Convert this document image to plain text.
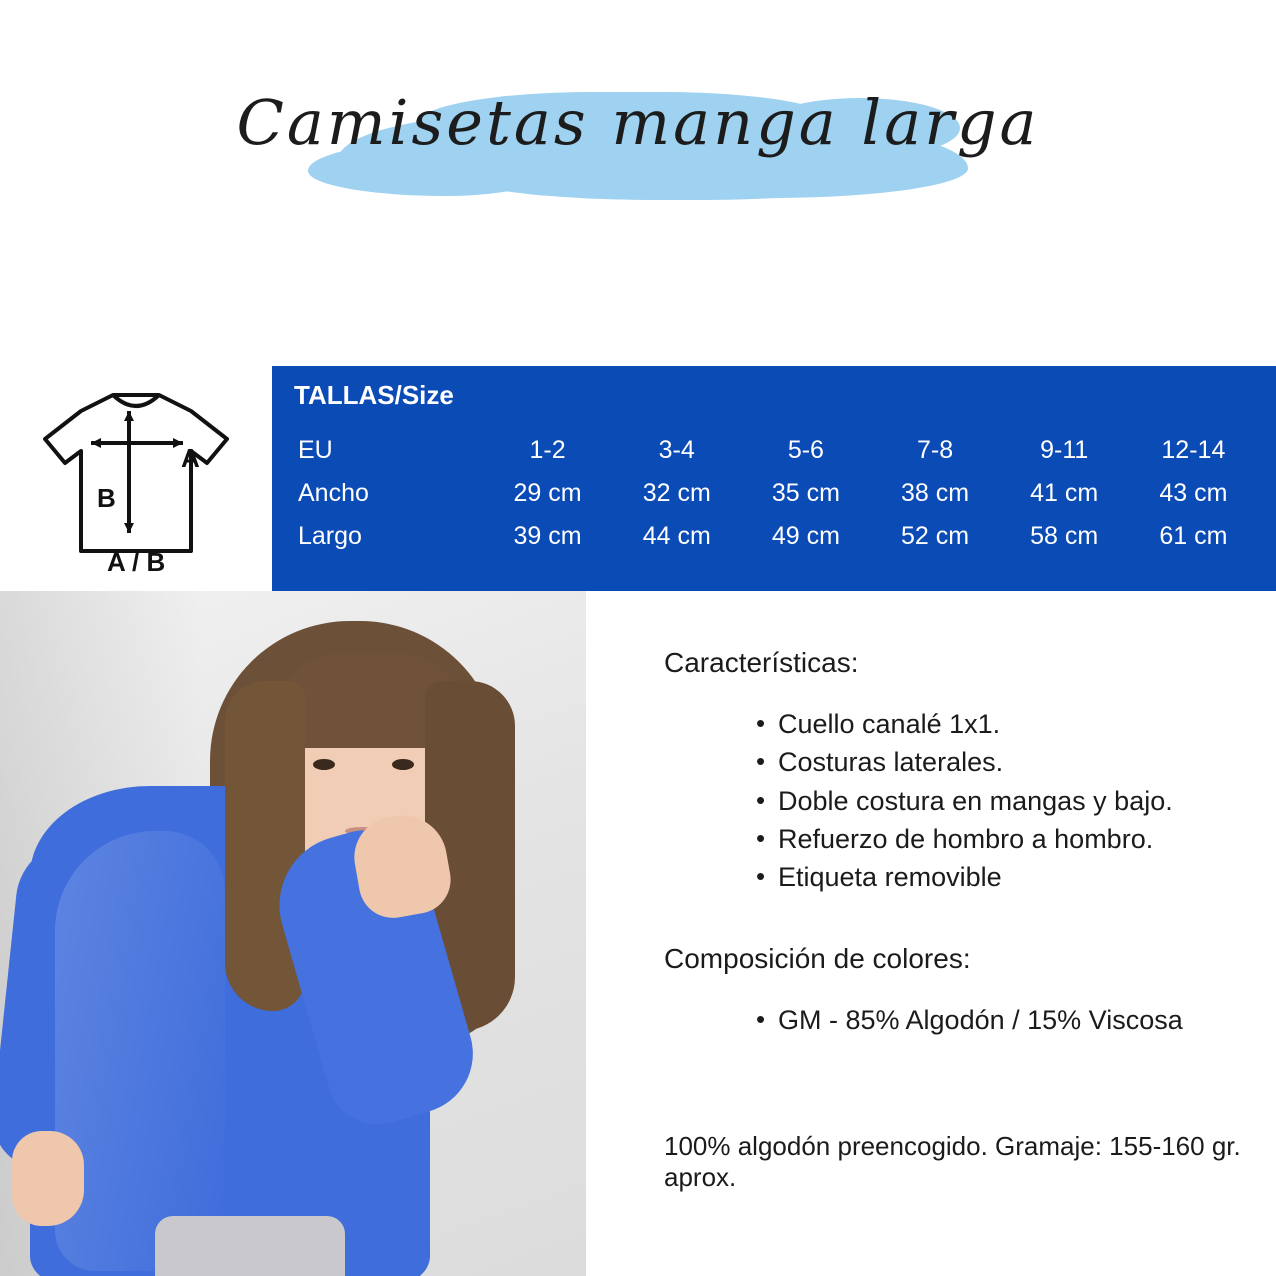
Camisetas manga larga
A
B
A / B
TALLAS/Size
EU	1-2	3-4	5-6	7-8	9-11	12-14
Ancho	29 cm	32 cm	35 cm	38 cm	41 cm	43 cm
Largo	39 cm	44 cm	49 cm	52 cm	58 cm	61 cm
Características:
• Cuello canalé 1x1.
• Costuras laterales.
• Doble costura en mangas y bajo.
• Refuerzo de hombro a hombro.
• Etiqueta removible
Composición de colores:
• GM - 85% Algodón / 15% Viscosa
100% algodón preencogido. Gramaje: 155-160 gr. aprox.
